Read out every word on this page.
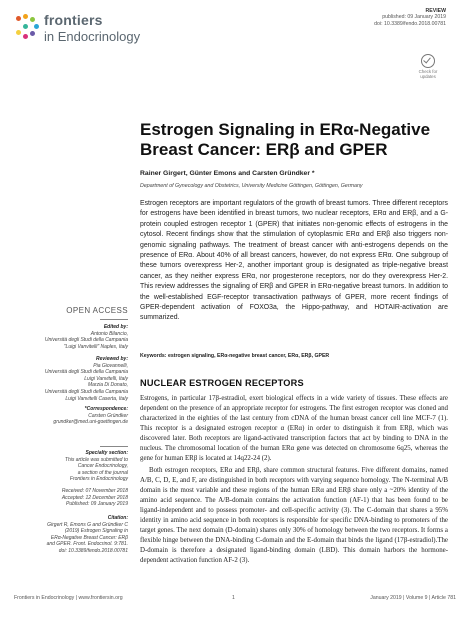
frontiers
in Endocrinology
REVIEW
published: 09 January 2019
doi: 10.3389/fendo.2018.00781
Check for updates
Estrogen Signaling in ERα-Negative Breast Cancer: ERβ and GPER
Rainer Girgert, Günter Emons and Carsten Gründker *
Department of Gynecology and Obstetrics, University Medicine Göttingen, Göttingen, Germany

Estrogen receptors are important regulators of the growth of breast tumors. Three different receptors for estrogens have been identified in breast tumors, two nuclear receptors, ERα and ERβ, and a G-protein coupled estrogen receptor 1 (GPER) that initiates non-genomic effects of estrogens in the cytosol. Recent findings show that the stimulation of cytoplasmic ERα and ERβ also triggers non-genomic signaling pathways. The treatment of breast cancer with anti-estrogens depends on the presence of ERα. About 40% of all breast cancers, however, do not express ERα. One subgroup of these tumors overexpress Her-2, another important group is designated as triple-negative breast cancer, as they neither express ERα, nor progesterone receptors, nor do they overexpress Her-2. This review addresses the signaling of ERβ and GPER in ERα-negative breast tumors. In addition to the well-established EGF-receptor transactivation pathways of GPER, more recent findings of GPER-dependent activation of FOXO3a, the Hippo-pathway, and HOTAIR-activation are summarized.

Keywords: estrogen signaling, ERα-negative breast cancer, ERα, ERβ, GPER
OPEN ACCESS
Edited by:
Antonio Bilancio,
Università degli Studi della Campania
"Luigi Vanvitelli" Naples, Italy
Reviewed by:
Pia Giovannelli,
Università degli Studi della Campania
Luigi Vanvitelli, Italy
Marzia Di Donato,
Università degli Studi della Campania
Luigi Vanvitelli Caserta, Italy
*Correspondence:
Carsten Gründker
grundker@med.uni-goettingen.de
Specialty section:
This article was submitted to
Cancer Endocrinology,
a section of the journal
Frontiers in Endocrinology
Received: 07 November 2018
Accepted: 12 December 2018
Published: 09 January 2019
Citation:
Girgert R, Emons G and Gründker C
(2019) Estrogen Signaling in
ERα-Negative Breast Cancer: ERβ
and GPER. Front. Endocrinol. 9:781.
doi: 10.3389/fendo.2018.00781
NUCLEAR ESTROGEN RECEPTORS

Estrogens, in particular 17β-estradiol, exert biological effects in a wide variety of tissues. These effects are dependent on the presence of an appropriate receptor for estrogens. The first estrogen receptor was cloned and characterized in the eighties of the last century from cDNA of the human breast cancer cell line MCF-7 (1). This receptor is a designated estrogen receptor α (ERα) in order to distinguish it from ERβ, which was discovered later. Both receptors are ligand-activated transcription factors that act by binding to DNA in the nucleus. The chromosomal location of the human ERα gene was detected on chromosome 6q25, whereas the gene for human ERβ is located at 14q22-24 (2).

Both estrogen receptors, ERα and ERβ, share common structural features. Five different domains, named A/B, C, D, E, and F, are distinguished in both receptors with varying sequence homology. The N-terminal A/B domain is the most variable and these regions of the human ERα and ERβ share only a ~20% identity of the amino acid sequence. The A/B-domain contains the activation function (AF-1) that has been found to be ligand-independent and to possess promoter- and cell-specific activity (3). The C-domain that shares a 95% identity in amino acid sequence in both receptors is responsible for specific DNA-binding to promoters of the target genes. The next domain (D-domain) shares only 30% of homology between the two receptors. It forms a flexible hinge between the DNA-binding C-domain and the E-domain that binds the ligand (17β-estradiol).The D-domain is therefore a designated ligand-binding domain (LBD). This domain harbors the hormone-dependent activation function AF-2 (3).

Frontiers in Endocrinology | www.frontiersin.org	1	January 2019 | Volume 9 | Article 781
